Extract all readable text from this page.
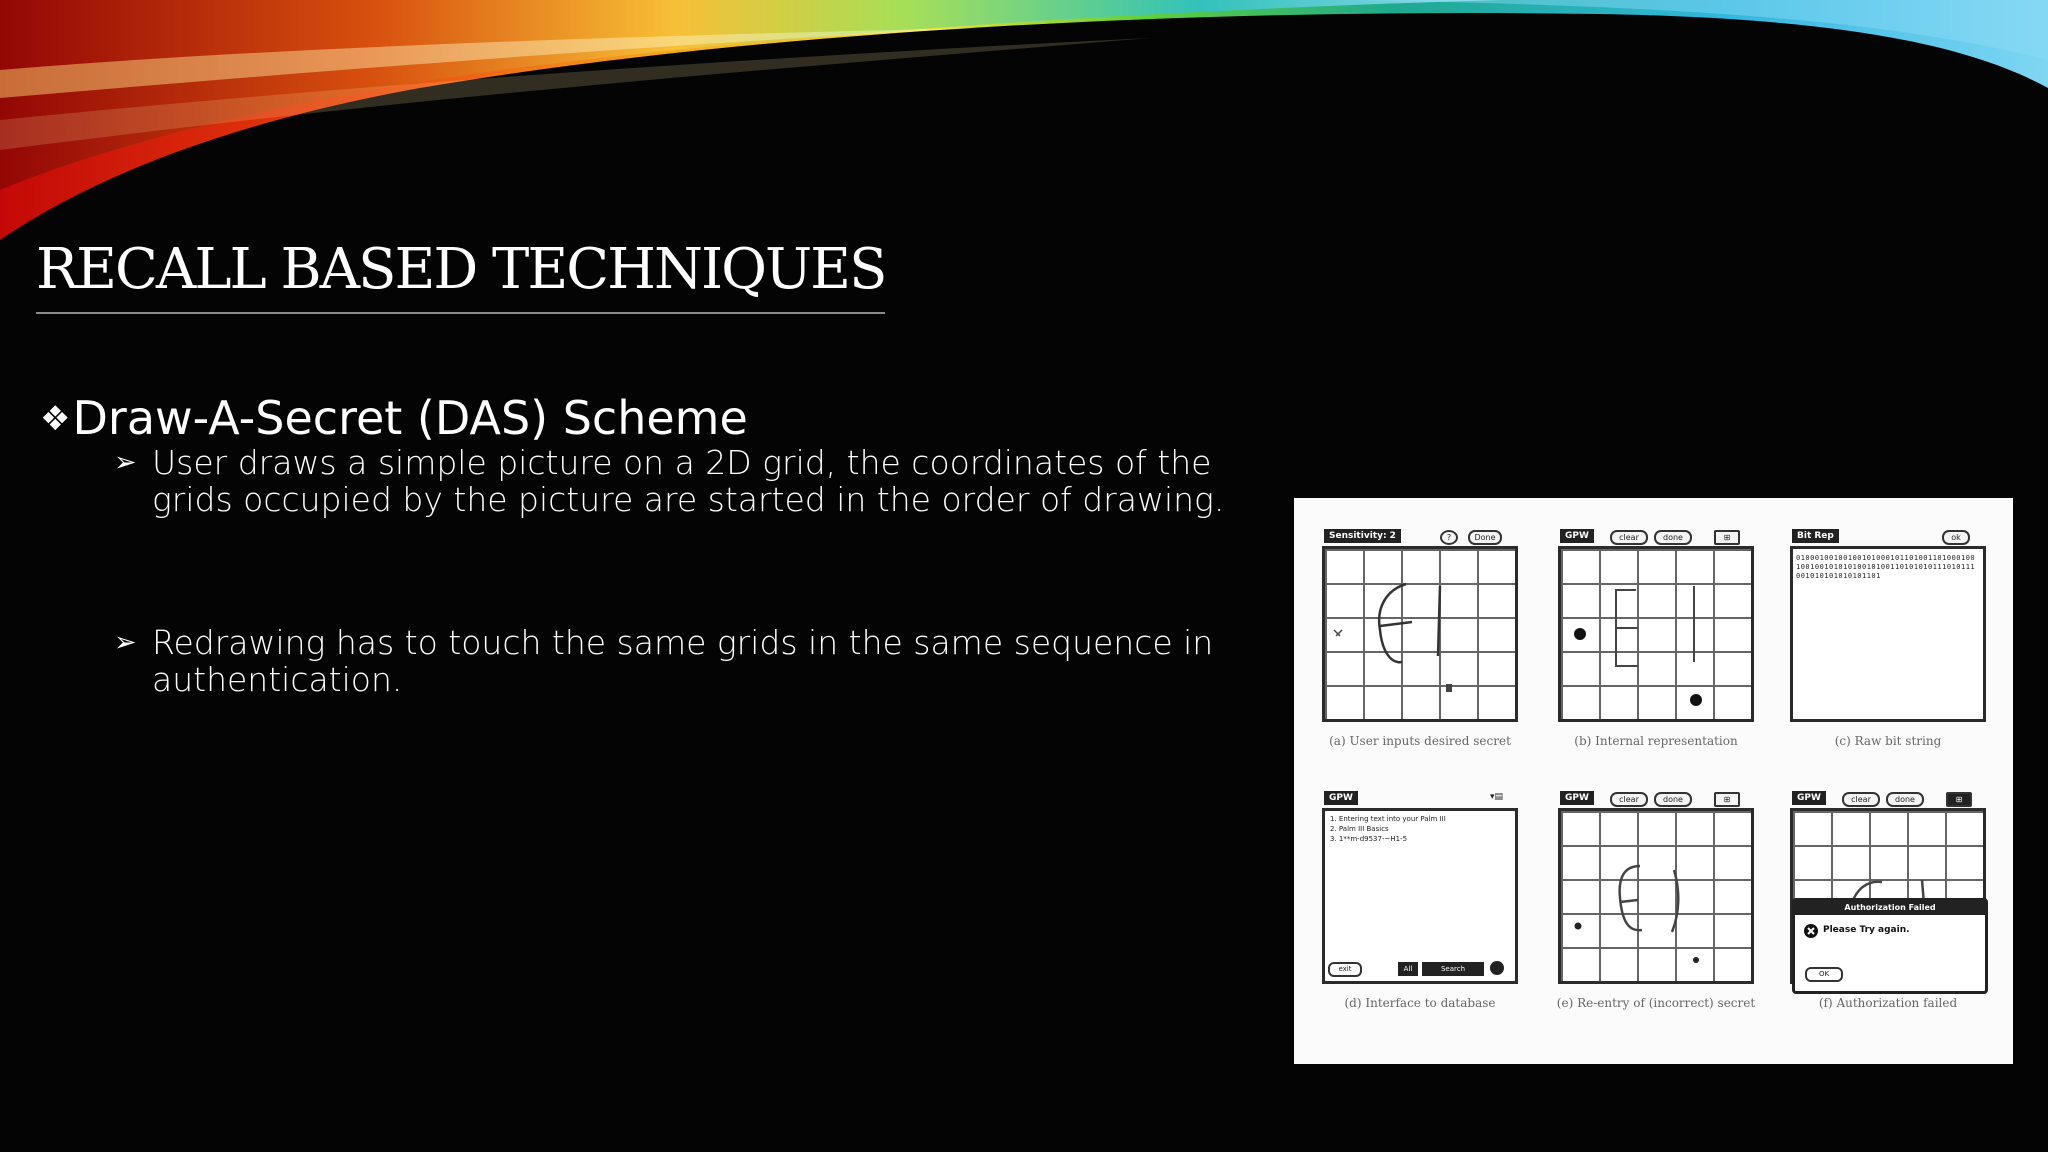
RECALL BASED TECHNIQUES
❖Draw-A-Secret (DAS) Scheme
➢ User draws a simple picture on a 2D grid, the coordinates of the grids occupied by the picture are started in the order of drawing.
➢ Redrawing has to touch the same grids in the same sequence in authentication.
Sensitivity: 2	?	Done	GPW	clear	done	⊞	Bit Rep	ok
0100010010010010100010110100110100010010010010101010010100110101010111010111001010101010101101
(a) User inputs desired secret	(b) Internal representation	(c) Raw bit string
GPW	▾▤
1. Entering text into your Palm III
2. Palm III Basics
3. 1**m-d9537-~H1-5
exit	All	Search
GPW	clear	done	⊞	GPW	clear	done	⊞
Authorization Failed
Please Try again.
OK
(d) Interface to database	(e) Re-entry of (incorrect) secret	(f) Authorization failed
